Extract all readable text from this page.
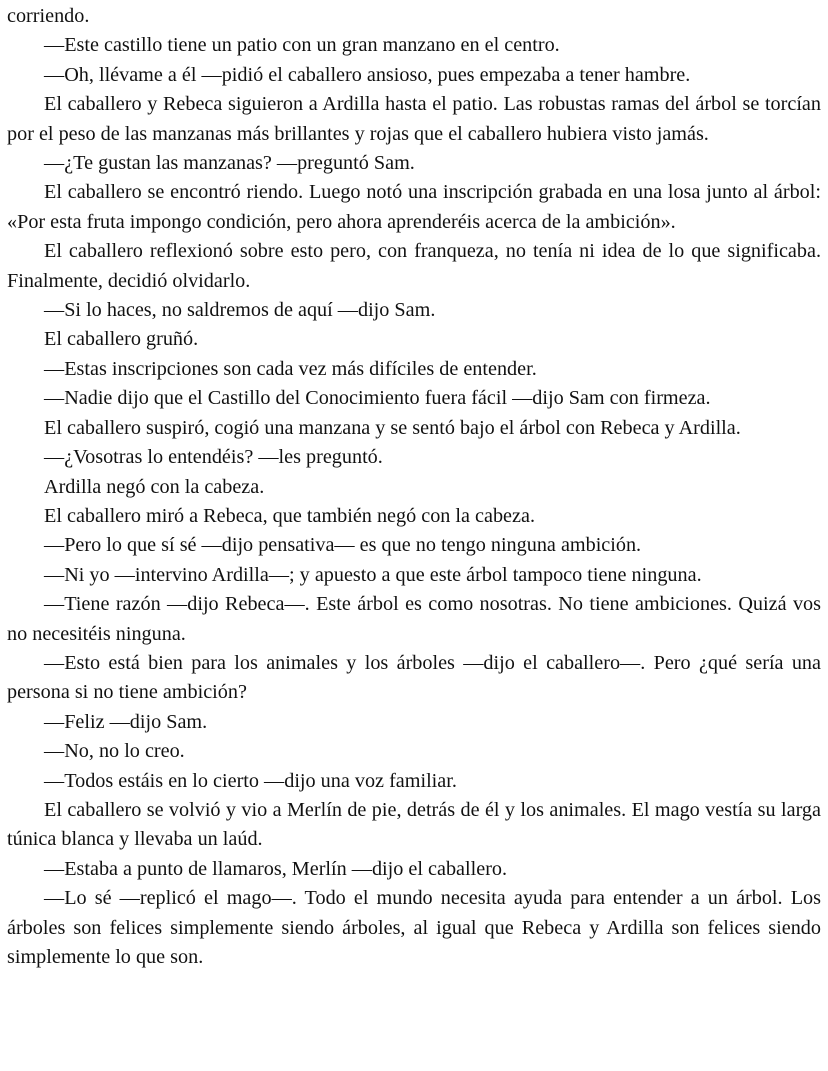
corriendo.

—Este castillo tiene un patio con un gran manzano en el centro.

—Oh, llévame a él —pidió el caballero ansioso, pues empezaba a tener hambre.

El caballero y Rebeca siguieron a Ardilla hasta el patio. Las robustas ramas del árbol se torcían por el peso de las manzanas más brillantes y rojas que el caballero hubiera visto jamás.

—¿Te gustan las manzanas? —preguntó Sam.

El caballero se encontró riendo. Luego notó una inscripción grabada en una losa junto al árbol: «Por esta fruta impongo condición, pero ahora aprenderéis acerca de la ambición».

El caballero reflexionó sobre esto pero, con franqueza, no tenía ni idea de lo que significaba. Finalmente, decidió olvidarlo.

—Si lo haces, no saldremos de aquí —dijo Sam.

El caballero gruñó.

—Estas inscripciones son cada vez más difíciles de entender.

—Nadie dijo que el Castillo del Conocimiento fuera fácil —dijo Sam con firmeza.

El caballero suspiró, cogió una manzana y se sentó bajo el árbol con Rebeca y Ardilla.

—¿Vosotras lo entendéis? —les preguntó.

Ardilla negó con la cabeza.

El caballero miró a Rebeca, que también negó con la cabeza.

—Pero lo que sí sé —dijo pensativa— es que no tengo ninguna ambición.

—Ni yo —intervino Ardilla—; y apuesto a que este árbol tampoco tiene ninguna.

—Tiene razón —dijo Rebeca—. Este árbol es como nosotras. No tiene ambiciones. Quizá vos no necesitéis ninguna.

—Esto está bien para los animales y los árboles —dijo el caballero—. Pero ¿qué sería una persona si no tiene ambición?

—Feliz —dijo Sam.

—No, no lo creo.

—Todos estáis en lo cierto —dijo una voz familiar.

El caballero se volvió y vio a Merlín de pie, detrás de él y los animales. El mago vestía su larga túnica blanca y llevaba un laúd.

—Estaba a punto de llamaros, Merlín —dijo el caballero.

—Lo sé —replicó el mago—. Todo el mundo necesita ayuda para entender a un árbol. Los árboles son felices simplemente siendo árboles, al igual que Rebeca y Ardilla son felices siendo simplemente lo que son.
